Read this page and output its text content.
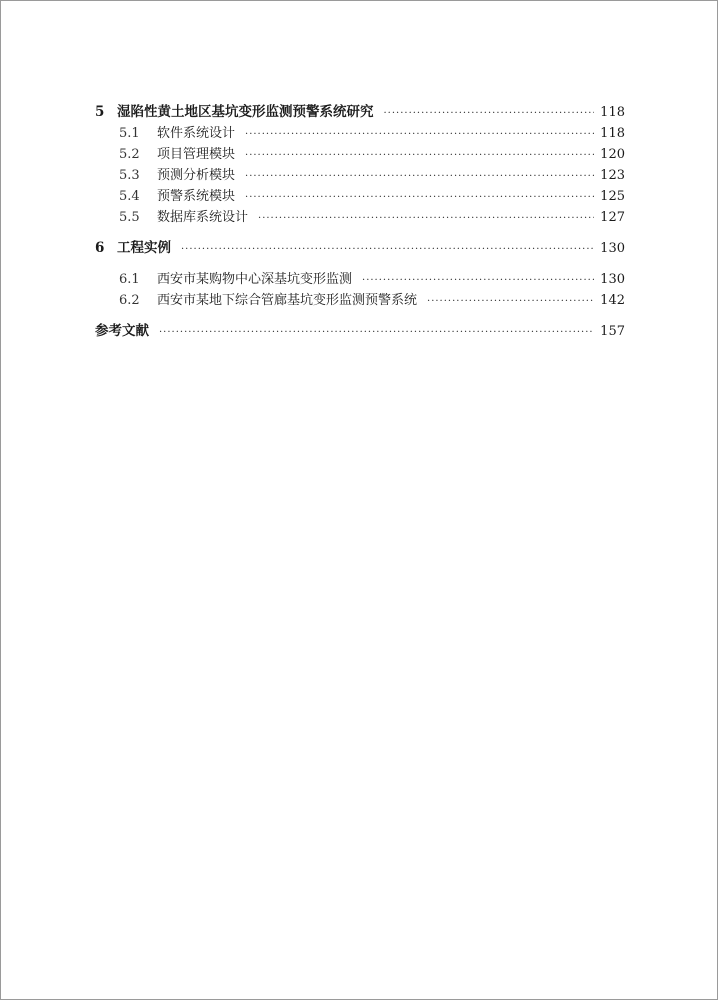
5 湿陷性黄土地区基坑变形监测预警系统研究 ·····	118
5.1	软件系统设计 ·····	118
5.2	项目管理模块 ·····	120
5.3	预测分析模块 ·····	123
5.4	预警系统模块 ·····	125
5.5	数据库系统设计 ·····	127
6 工程实例 ·····	130
6.1	西安市某购物中心深基坑变形监测 ·····	130
6.2	西安市某地下综合管廊基坑变形监测预警系统 ·····	142
参考文献 ·····	157
